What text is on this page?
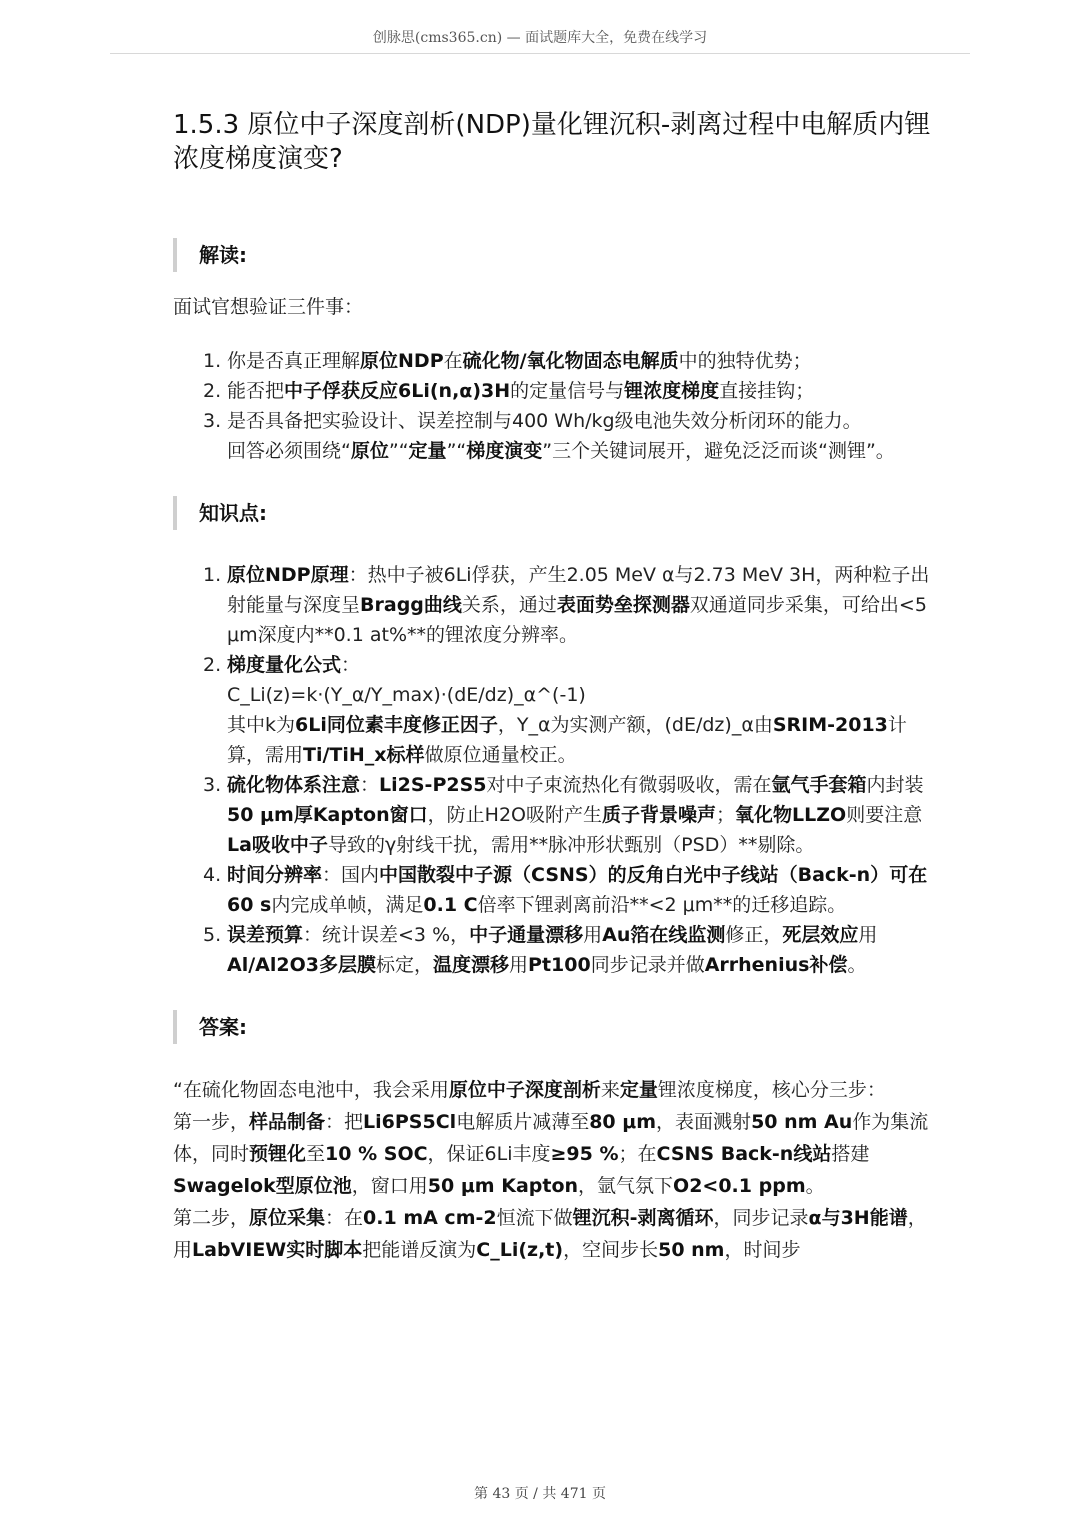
创脉思(cms365.cn) — 面试题库大全，免费在线学习
1.5.3 原位中子深度剖析(NDP)量化锂沉积-剥离过程中电解质内锂浓度梯度演变?
解读:

面试官想验证三件事：

1. 你是否真正理解原位NDP在硫化物/氧化物固态电解质中的独特优势；
2. 能否把中子俘获反应6Li(n,α)3H的定量信号与锂浓度梯度直接挂钩；
3. 是否具备把实验设计、误差控制与400 Wh/kg级电池失效分析闭环的能力。
回答必须围绕“原位”“定量”“梯度演变”三个关键词展开，避免泛泛而谈“测锂”。
知识点:
1. 原位NDP原理：热中子被6Li俘获，产生2.05 MeV α与2.73 MeV 3H，两种粒子出射能量与深度呈Bragg曲线关系，通过表面势垒探测器双通道同步采集，可给出<5 μm深度内**0.1 at%**的锂浓度分辨率。
2. 梯度量化公式：
C_Li(z)=k·(Y_α/Y_max)·(dE/dz)_α^(-1)
其中k为6Li同位素丰度修正因子，Y_α为实测产额，(dE/dz)_α由SRIM-2013计算，需用Ti/TiH_x标样做原位通量校正。
3. 硫化物体系注意：Li2S-P2S5对中子束流热化有微弱吸收，需在氩气手套箱内封装50 μm厚Kapton窗口，防止H2O吸附产生质子背景噪声；氧化物LLZO则要注意La吸收中子导致的γ射线干扰，需用**脉冲形状甄别（PSD）**剔除。
4. 时间分辨率：国内中国散裂中子源（CSNS）的反角白光中子线站（Back-n）可在60 s内完成单帧，满足0.1 C倍率下锂剥离前沿**<2 μm**的迁移追踪。
5. 误差预算：统计误差<3 %，中子通量漂移用Au箔在线监测修正，死层效应用Al/Al2O3多层膜标定，温度漂移用Pt100同步记录并做Arrhenius补偿。
答案:

“在硫化物固态电池中，我会采用原位中子深度剖析来定量锂浓度梯度，核心分三步：

第一步，样品制备：把Li6PS5Cl电解质片减薄至80 μm，表面溅射50 nm Au作为集流体，同时预锂化至10 % SOC，保证6Li丰度≥95 %；在CSNS Back-n线站搭建Swagelok型原位池，窗口用50 μm Kapton，氩气氛下O2<0.1 ppm。

第二步，原位采集：在0.1 mA cm-2恒流下做锂沉积-剥离循环，同步记录α与3H能谱，用LabVIEW实时脚本把能谱反演为C_Li(z,t)，空间步长50 nm，时间步

第 43 页 / 共 471 页
